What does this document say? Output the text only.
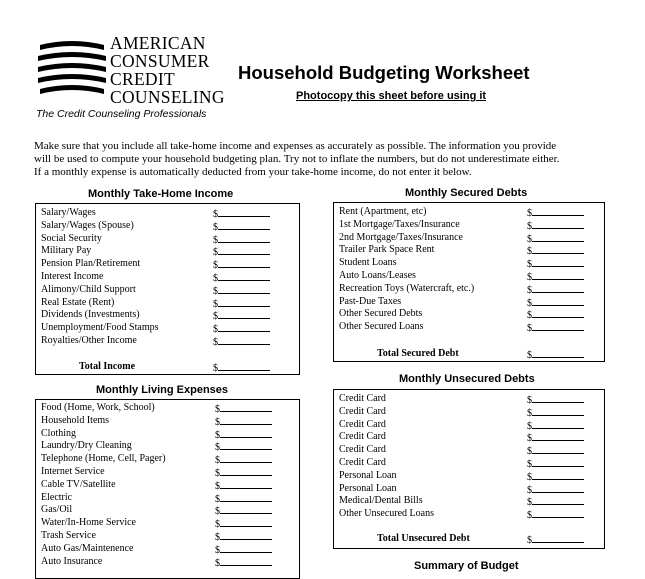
AMERICAN
CONSUMER
CREDIT
COUNSELING
The Credit Counseling Professionals
Household Budgeting Worksheet
Photocopy this sheet before using it
Make sure that you include all take-home income and expenses as accurately as possible. The information you provide
will be used to compute your household budgeting plan. Try not to inflate the numbers, but do not underestimate either.
If a monthly expense is automatically deducted from your take-home income, do not enter it below.
Monthly Take-Home Income
Salary/Wages	$
Salary/Wages (Spouse)	$
Social Security	$
Military Pay	$
Pension Plan/Retirement	$
Interest Income	$
Alimony/Child Support	$
Real Estate (Rent)	$
Dividends (Investments)	$
Unemployment/Food Stamps	$
Royalties/Other Income	$
Total Income	$
Monthly Secured Debts
Rent (Apartment, etc)	$
1st Mortgage/Taxes/Insurance	$
2nd Mortgage/Taxes/Insurance	$
Trailer Park Space Rent	$
Student Loans	$
Auto Loans/Leases	$
Recreation Toys (Watercraft, etc.)	$
Past-Due Taxes	$
Other Secured Debts	$
Other Secured Loans	$
Total Secured Debt	$
Monthly Living Expenses
Food (Home, Work, School)	$
Household Items	$
Clothing	$
Laundry/Dry Cleaning	$
Telephone (Home, Cell, Pager)	$
Internet Service	$
Cable TV/Satellite	$
Electric	$
Gas/Oil	$
Water/In-Home Service	$
Trash Service	$
Auto Gas/Maintenence	$
Auto Insurance	$
Monthly Unsecured Debts
Credit Card	$
Credit Card	$
Credit Card	$
Credit Card	$
Credit Card	$
Credit Card	$
Personal Loan	$
Personal Loan	$
Medical/Dental Bills	$
Other Unsecured Loans	$
Total Unsecured Debt	$
Summary of Budget
